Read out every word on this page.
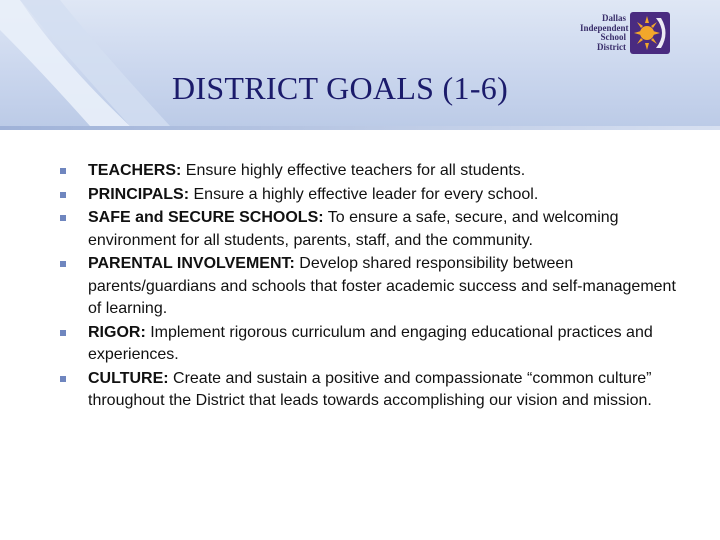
Dallas
Independent
School
District
DISTRICT GOALS (1-6)
TEACHERS: Ensure highly effective teachers for all students.
PRINCIPALS: Ensure a highly effective leader for every school.
SAFE and SECURE SCHOOLS: To ensure a safe, secure, and welcoming environment for all students, parents, staff, and the community.
PARENTAL INVOLVEMENT: Develop shared responsibility between parents/guardians and schools that foster academic success and self-management of learning.
RIGOR: Implement rigorous curriculum and engaging educational practices and experiences.
CULTURE: Create and sustain a positive and compassionate “common culture” throughout the District that leads towards accomplishing our vision and mission.
